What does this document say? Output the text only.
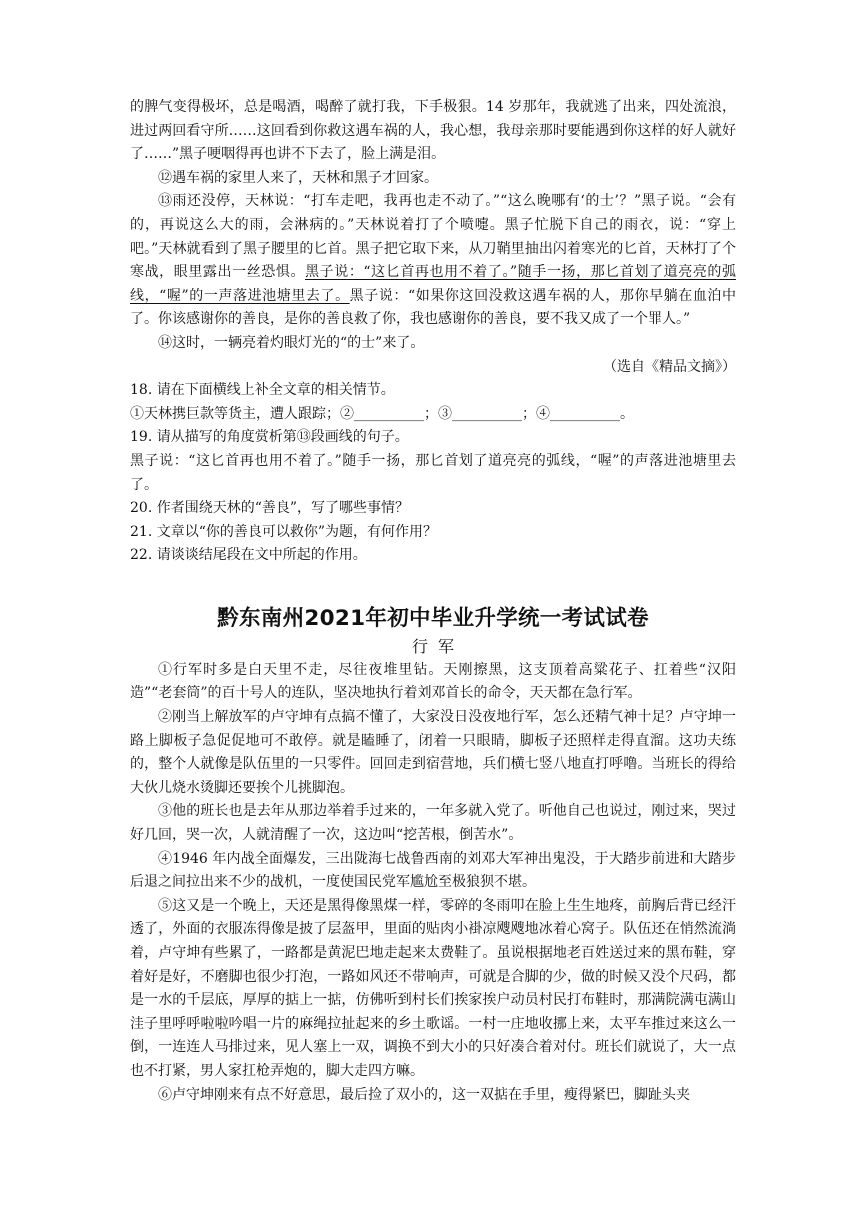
的脾气变得极坏，总是喝酒，喝醉了就打我，下手极狠。14 岁那年，我就逃了出来，四处流浪，进过两回看守所……这回看到你救这遇车祸的人，我心想，我母亲那时要能遇到你这样的好人就好了……”黑子哽咽得再也讲不下去了，脸上满是泪。

⑫遇车祸的家里人来了，天林和黑子才回家。

⑬雨还没停，天林说：“打车走吧，我再也走不动了。”“这么晚哪有‘的士’？”黑子说。“会有的，再说这么大的雨，会淋病的。”天林说着打了个喷嚏。黑子忙脱下自己的雨衣，说：“穿上吧。”天林就看到了黑子腰里的匕首。黑子把它取下来，从刀鞘里抽出闪着寒光的匕首，天林打了个寒战，眼里露出一丝恐惧。黑子说：“这匕首再也用不着了。”随手一扬，那匕首划了道亮亮的弧线，“喔”的一声落进池塘里去了。黑子说：“如果你这回没救这遇车祸的人，那你早躺在血泊中了。你该感谢你的善良，是你的善良救了你，我也感谢你的善良，要不我又成了一个罪人。”

⑭这时，一辆亮着灼眼灯光的“的士”来了。

（选自《精品文摘》）

18. 请在下面横线上补全文章的相关情节。

①天林携巨款等货主，遭人跟踪；②__________；③__________；④__________。

19. 请从描写的角度赏析第⑬段画线的句子。

黑子说：“这匕首再也用不着了。”随手一扬，那匕首划了道亮亮的弧线，“喔”的声落进池塘里去了。

20. 作者围绕天林的“善良”，写了哪些事情？

21. 文章以“你的善良可以救你”为题，有何作用？

22. 请谈谈结尾段在文中所起的作用。

黔东南州2021年初中毕业升学统一考试试卷
行军

①行军时多是白天里不走，尽往夜堆里钻。天刚擦黑，这支顶着高粱花子、扛着些“汉阳造”“老套筒”的百十号人的连队，坚决地执行着刘邓首长的命令，天天都在急行军。

②刚当上解放军的卢守坤有点搞不懂了，大家没日没夜地行军，怎么还精气神十足？卢守坤一路上脚板子急促促地可不敢停。就是瞌睡了，闭着一只眼睛，脚板子还照样走得直溜。这功夫练的，整个人就像是队伍里的一只零件。回回走到宿营地，兵们横七竖八地直打呼噜。当班长的得给大伙儿烧水烫脚还要挨个儿挑脚泡。

③他的班长也是去年从那边举着手过来的，一年多就入党了。听他自己也说过，刚过来，哭过好几回，哭一次，人就清醒了一次，这边叫“挖苦根，倒苦水”。

④1946 年内战全面爆发，三出陇海七战鲁西南的刘邓大军神出鬼没，于大踏步前进和大踏步后退之间拉出来不少的战机，一度使国民党军尴尬至极狼狈不堪。

⑤这又是一个晚上，天还是黑得像黑煤一样，零碎的冬雨叩在脸上生生地疼，前胸后背已经汗透了，外面的衣服冻得像是披了层盔甲，里面的贴肉小褂凉飕飕地冰着心窝子。队伍还在悄然流淌着，卢守坤有些累了，一路都是黄泥巴地走起来太费鞋了。虽说根据地老百姓送过来的黑布鞋，穿着好是好，不磨脚也很少打泡，一路如风还不带响声，可就是合脚的少，做的时候又没个尺码，都是一水的千层底，厚厚的掂上一掂，仿佛听到村长们挨家挨户动员村民打布鞋时，那满院满屯满山洼子里呼呼啦啦吟唱一片的麻绳拉扯起来的乡土歌谣。一村一庄地收挪上来，太平车推过来这么一倒，一连连人马排过来，见人塞上一双，调换不到大小的只好凑合着对付。班长们就说了，大一点也不打紧，男人家扛枪弄炮的，脚大走四方嘛。

⑥卢守坤刚来有点不好意思，最后捡了双小的，这一双掂在手里，瘦得紧巴，脚趾头夹
